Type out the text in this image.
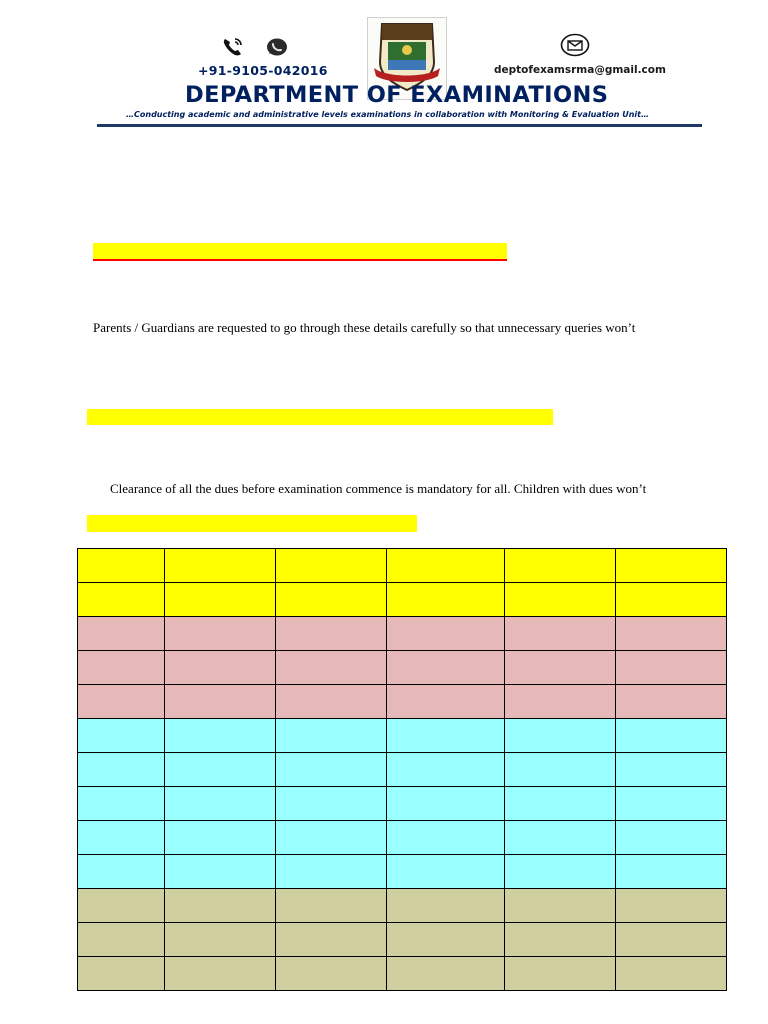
+91-9105-042016	deptofexamsrma@gmail.com
DEPARTMENT OF EXAMINATIONS
…Conducting academic and administrative levels examinations in collaboration with Monitoring & Evaluation Unit…
Parents / Guardians are requested to go through these details carefully so that unnecessary queries won’t
Clearance of all the dues before examination commence is mandatory for all. Children with dues won’t
